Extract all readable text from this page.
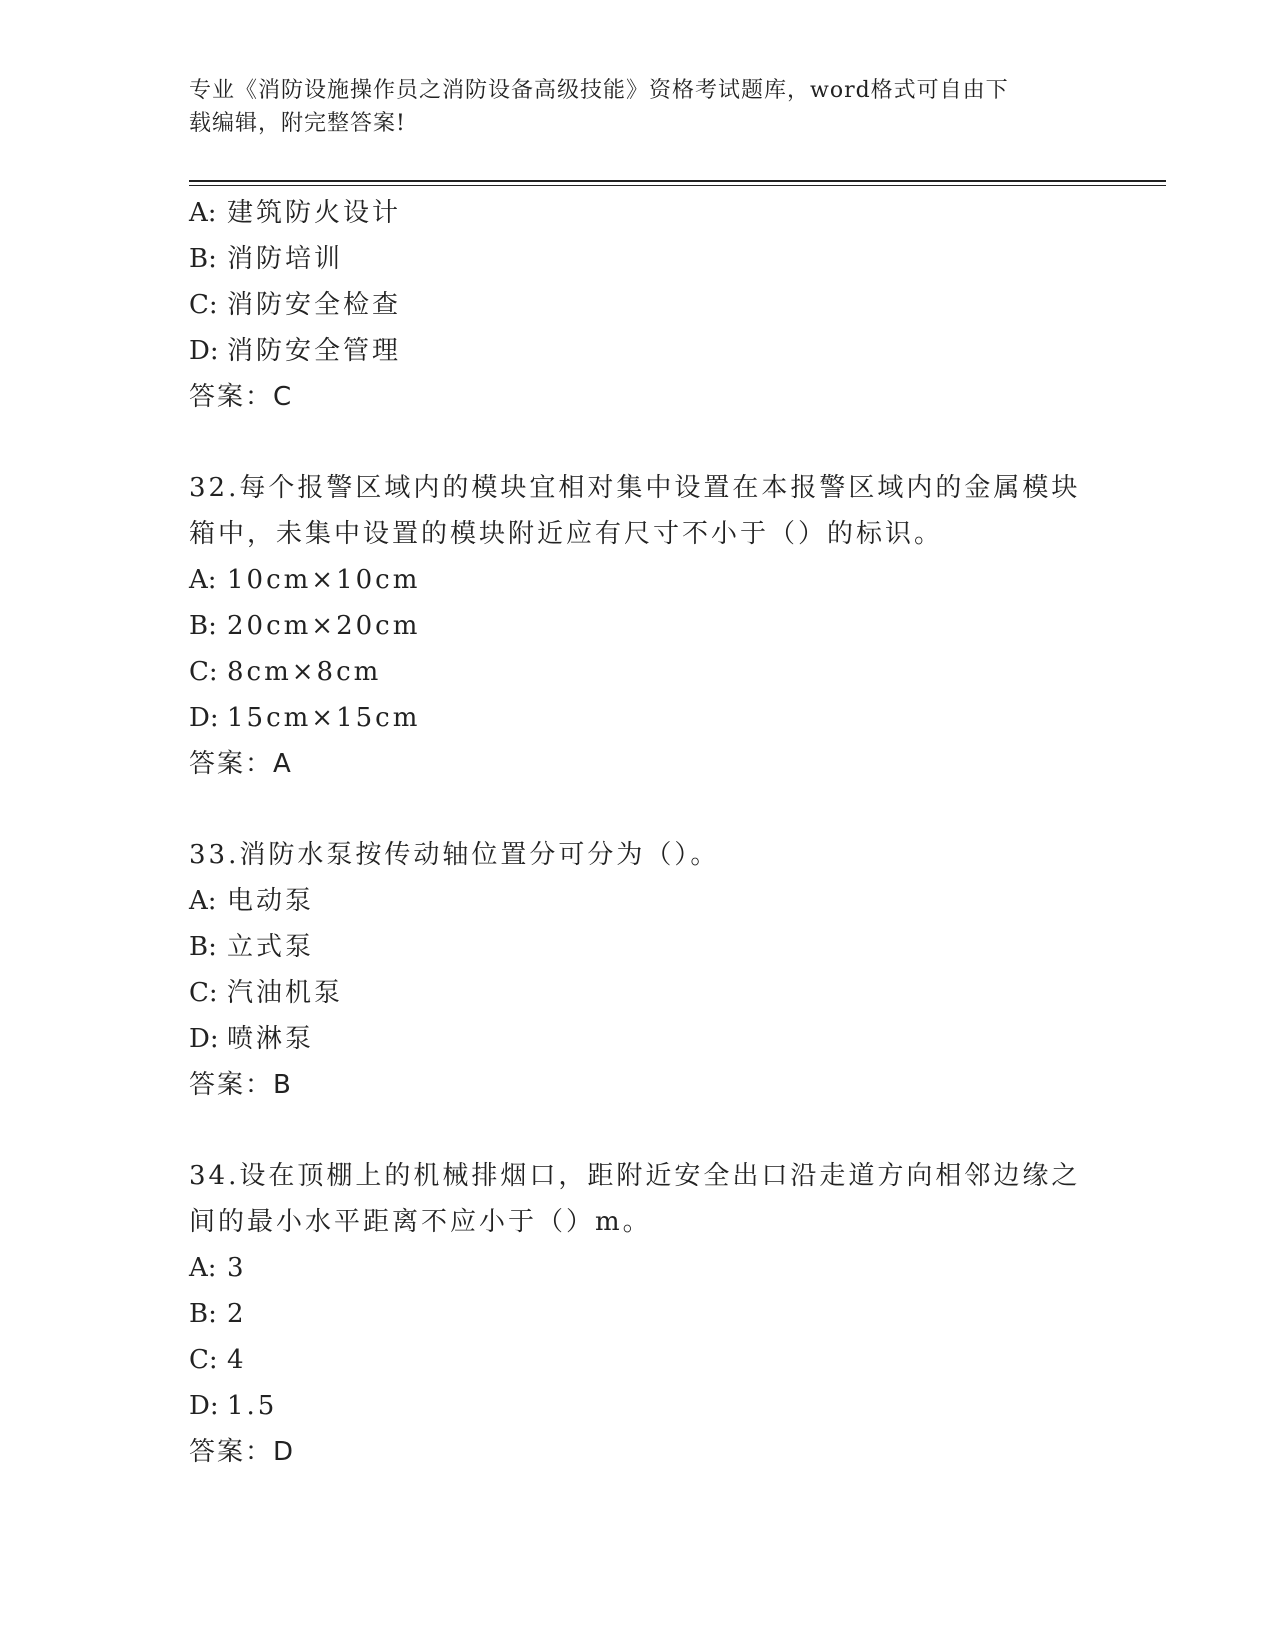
专业《消防设施操作员之消防设备高级技能》资格考试题库，word格式可自由下
载编辑，附完整答案!
A: 建筑防火设计
B: 消防培训
C: 消防安全检查
D: 消防安全管理
答案：C
32.每个报警区域内的模块宜相对集中设置在本报警区域内的金属模块
箱中，未集中设置的模块附近应有尺寸不小于（）的标识。
A: 10cm×10cm
B: 20cm×20cm
C: 8cm×8cm
D: 15cm×15cm
答案：A
33.消防水泵按传动轴位置分可分为（）。
A: 电动泵
B: 立式泵
C: 汽油机泵
D: 喷淋泵
答案：B
34.设在顶棚上的机械排烟口，距附近安全出口沿走道方向相邻边缘之
间的最小水平距离不应小于（）m。
A: 3
B: 2
C: 4
D: 1.5
答案：D
